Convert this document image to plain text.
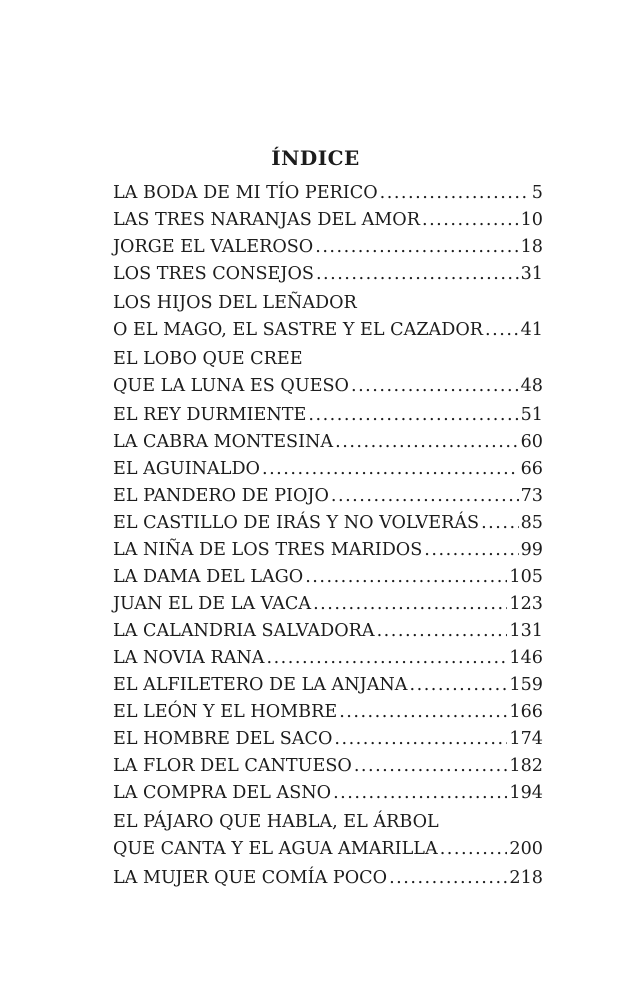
ÍNDICE
LA BODA DE MI TÍO PERICO .....	5
LAS TRES NARANJAS DEL AMOR .....	10
JORGE EL VALEROSO .....	18
LOS TRES CONSEJOS .....	31
LOS HIJOS DEL LEÑADOR
O EL MAGO, EL SASTRE Y EL CAZADOR ..... 41
EL LOBO QUE CREE
QUE LA LUNA ES QUESO .....	48
EL REY DURMIENTE .....	51
LA CABRA MONTESINA .....	60
EL AGUINALDO .....	66
EL PANDERO DE PIOJO .....	73
EL CASTILLO DE IRÁS Y NO VOLVERÁS ..... 85
LA NIÑA DE LOS TRES MARIDOS .....	99
LA DAMA DEL LAGO .....	105
JUAN EL DE LA VACA .....	123
LA CALANDRIA SALVADORA .....	131
LA NOVIA RANA .....	146
EL ALFILETERO DE LA ANJANA .....	159
EL LEÓN Y EL HOMBRE .....	166
EL HOMBRE DEL SACO .....	174
LA FLOR DEL CANTUESO .....	182
LA COMPRA DEL ASNO .....	194
EL PÁJARO QUE HABLA, EL ÁRBOL
QUE CANTA Y EL AGUA AMARILLA .....	200
LA MUJER QUE COMÍA POCO .....	218
